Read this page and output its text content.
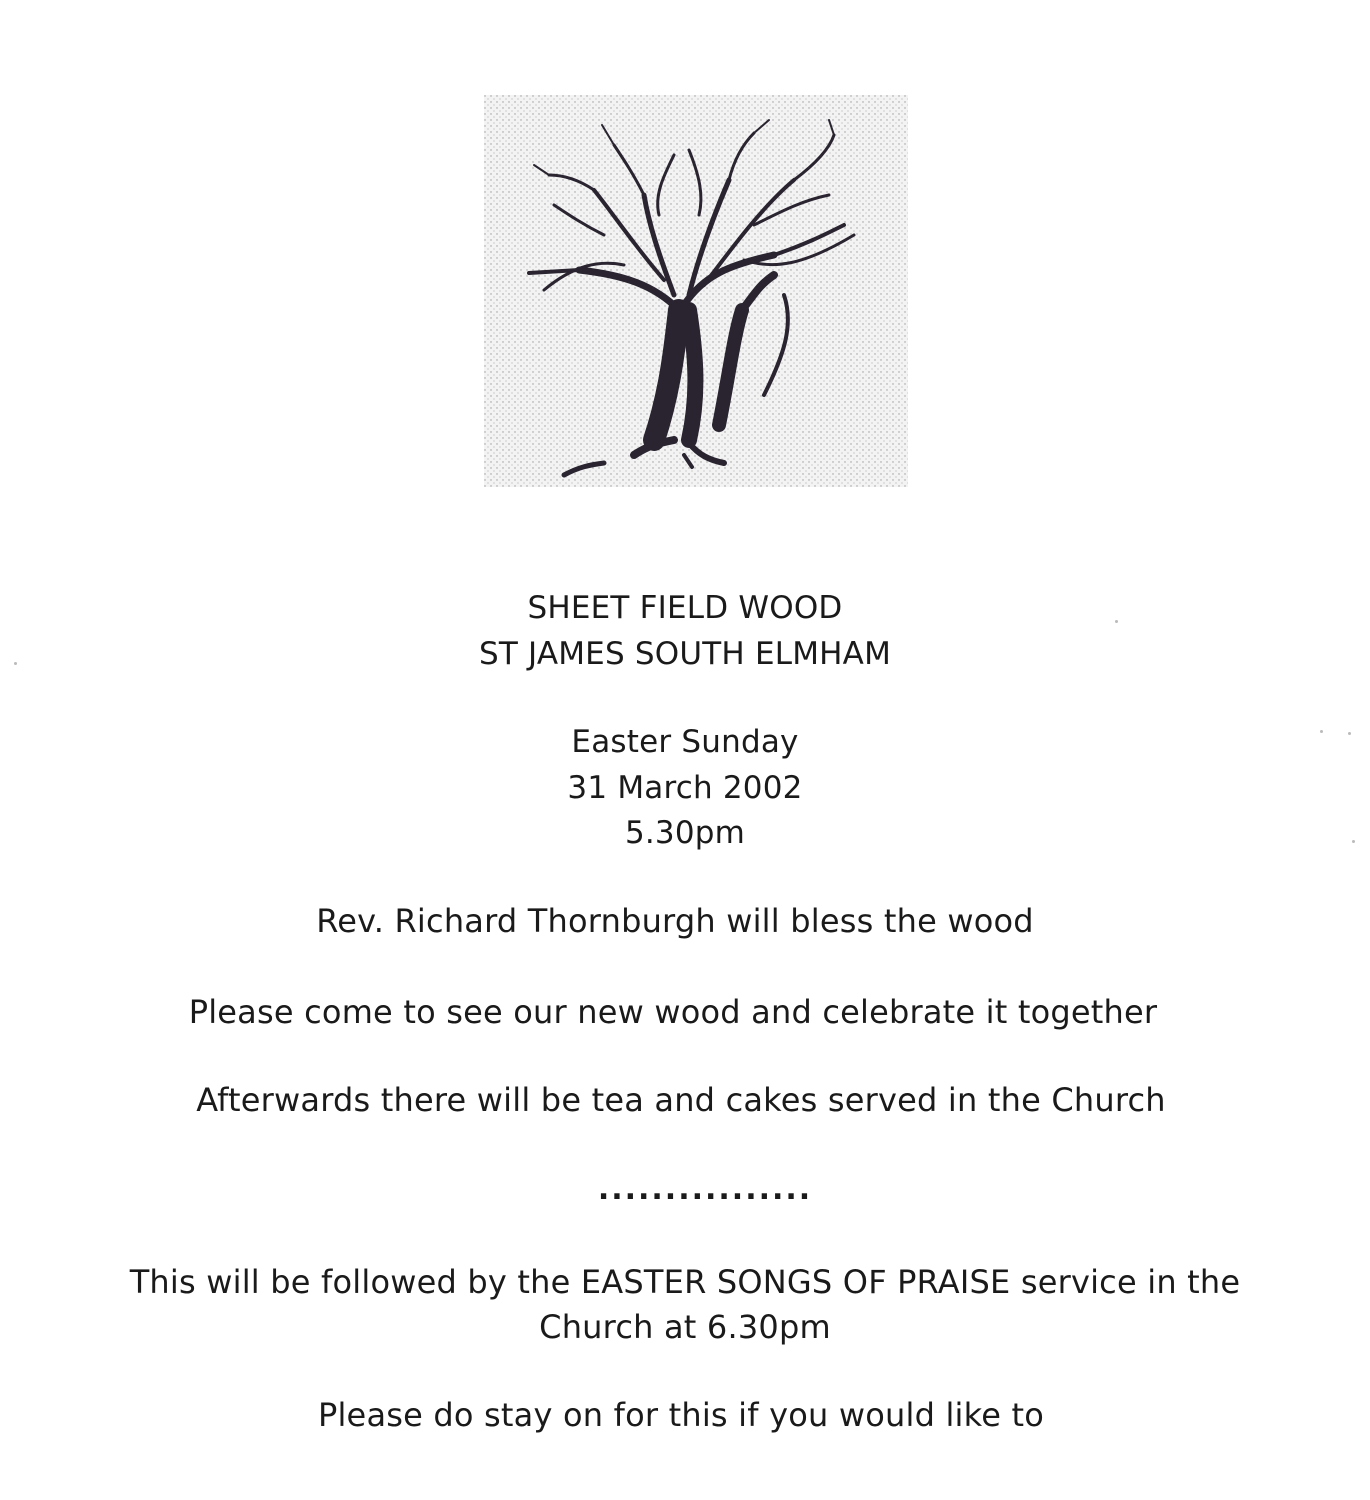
SHEET FIELD WOOD
ST JAMES SOUTH ELMHAM
Easter Sunday
31 March 2002
5.30pm
Rev. Richard Thornburgh will bless the wood
Please come to see our new wood and celebrate it together
Afterwards there will be tea and cakes served in the Church
................
This will be followed by the EASTER SONGS OF PRAISE service in the
Church at 6.30pm
Please do stay on for this if you would like to
